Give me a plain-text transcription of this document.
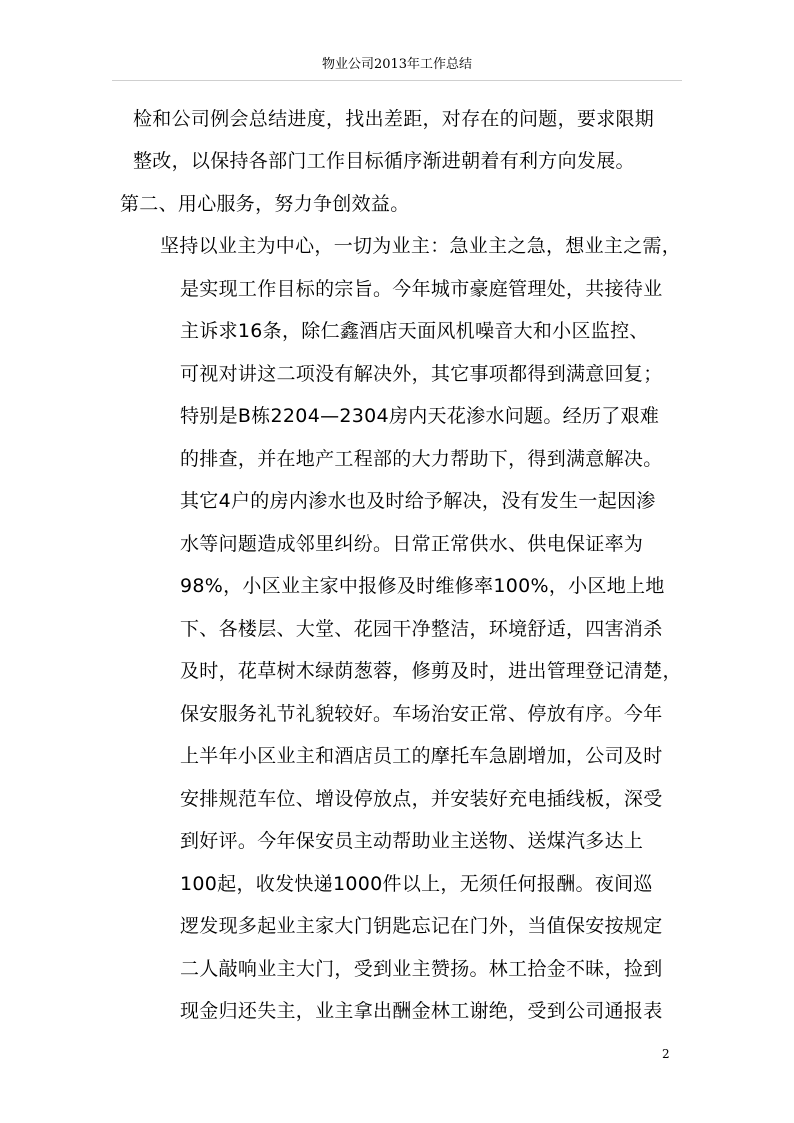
物业公司2013年工作总结
检和公司例会总结进度，找出差距，对存在的问题，要求限期
整改，以保持各部门工作目标循序渐进朝着有利方向发展。
第二、用心服务，努力争创效益。
坚持以业主为中心，一切为业主：急业主之急，想业主之需，
是实现工作目标的宗旨。今年城市豪庭管理处，共接待业
主诉求16条，除仁鑫酒店天面风机噪音大和小区监控、
可视对讲这二项没有解决外，其它事项都得到满意回复；
特别是B栋2204—2304房内天花渗水问题。经历了艰难
的排查，并在地产工程部的大力帮助下，得到满意解决。
其它4户的房内渗水也及时给予解决，没有发生一起因渗
水等问题造成邻里纠纷。日常正常供水、供电保证率为
98%，小区业主家中报修及时维修率100%，小区地上地
下、各楼层、大堂、花园干净整洁，环境舒适，四害消杀
及时，花草树木绿荫葱蓉，修剪及时，进出管理登记清楚，
保安服务礼节礼貌较好。车场治安正常、停放有序。今年
上半年小区业主和酒店员工的摩托车急剧增加，公司及时
安排规范车位、增设停放点，并安装好充电插线板，深受
到好评。今年保安员主动帮助业主送物、送煤汽多达上
100起，收发快递1000件以上，无须任何报酬。夜间巡
逻发现多起业主家大门钥匙忘记在门外，当值保安按规定
二人敲响业主大门，受到业主赞扬。林工拾金不昧，捡到
现金归还失主，业主拿出酬金林工谢绝，受到公司通报表
2
